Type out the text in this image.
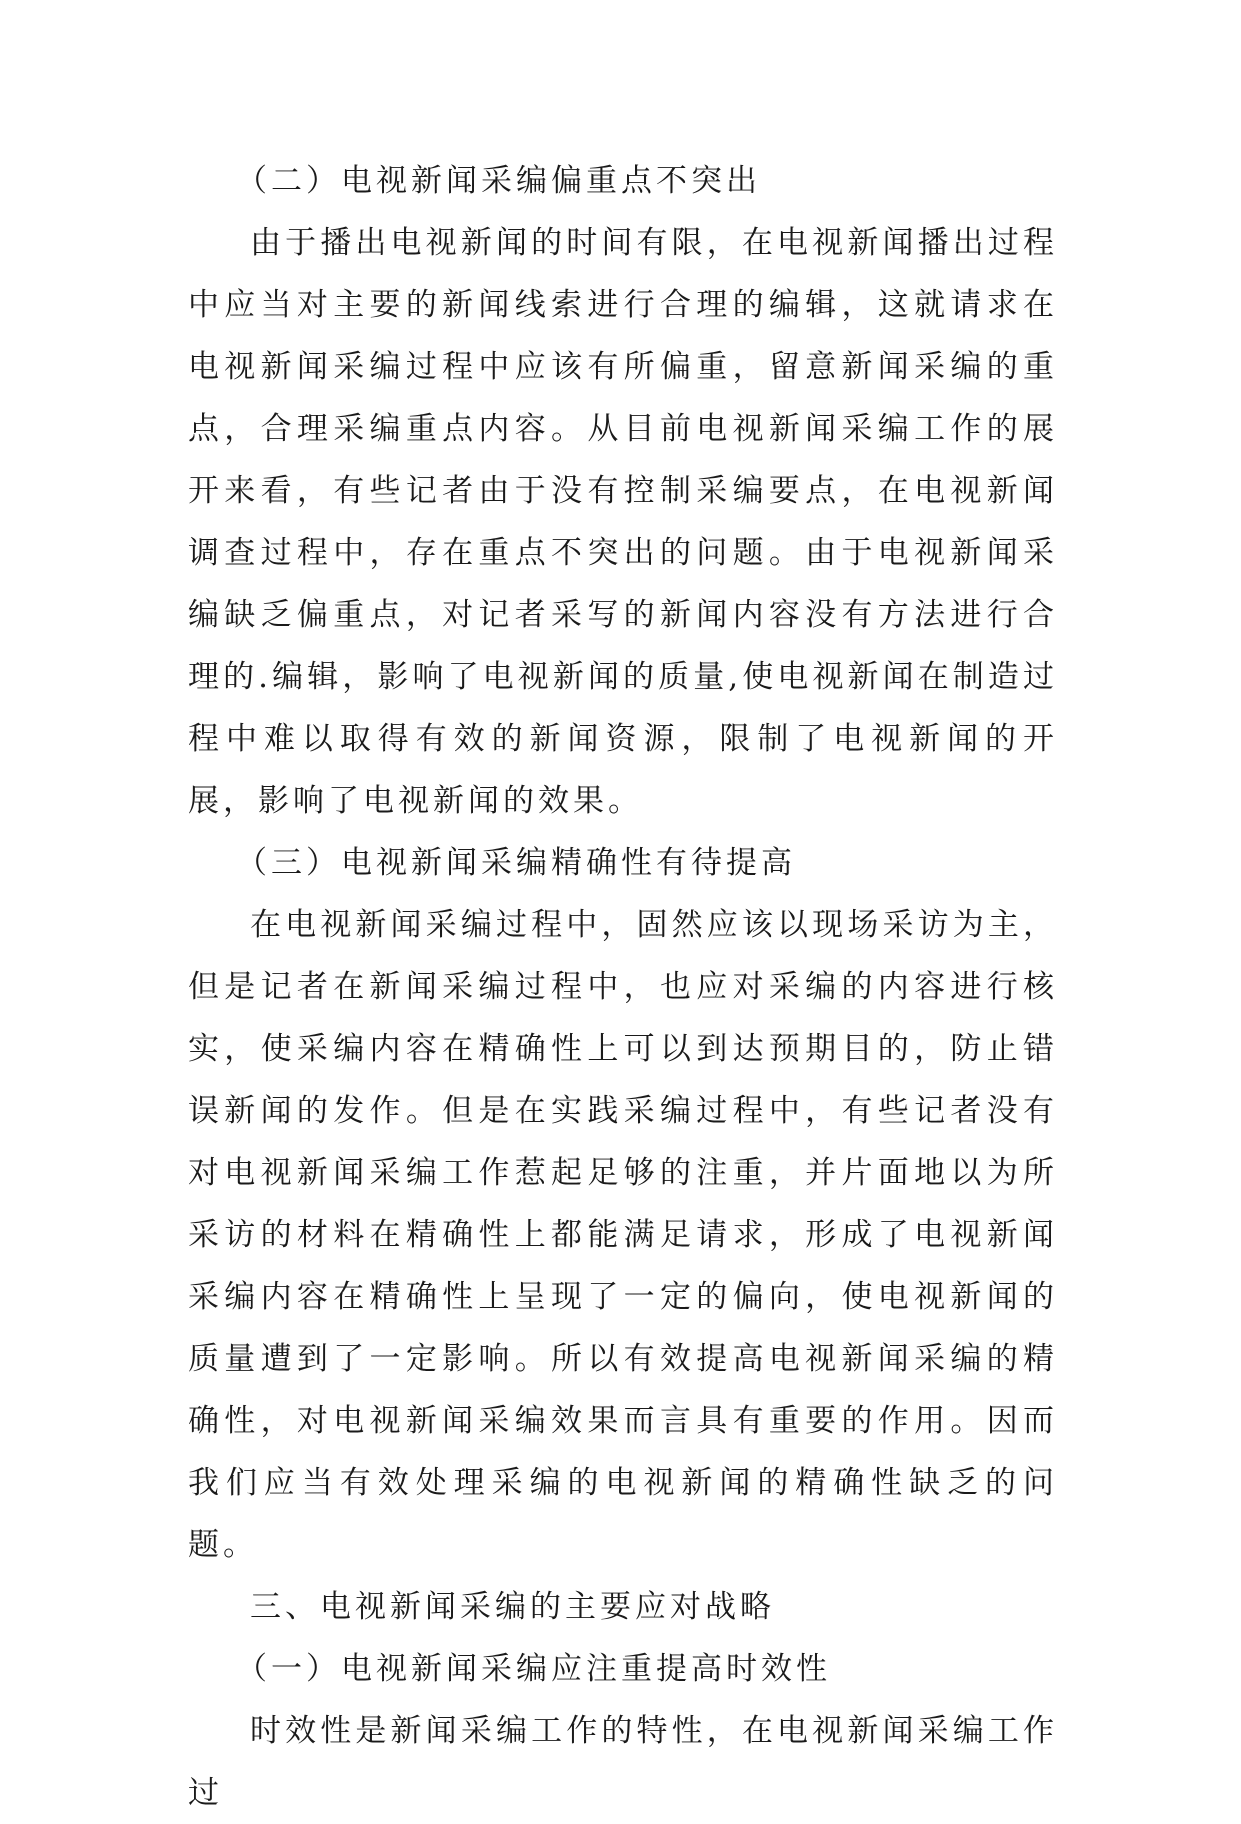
（二）电视新闻采编偏重点不突出

由于播出电视新闻的时间有限，在电视新闻播出过程中应当对主要的新闻线索进行合理的编辑，这就请求在电视新闻采编过程中应该有所偏重，留意新闻采编的重点，合理采编重点内容。从目前电视新闻采编工作的展开来看，有些记者由于没有控制采编要点，在电视新闻调查过程中，存在重点不突出的问题。由于电视新闻采编缺乏偏重点，对记者采写的新闻内容没有方法进行合理的.编辑，影响了电视新闻的质量,使电视新闻在制造过程中难以取得有效的新闻资源，限制了电视新闻的开展，影响了电视新闻的效果。

（三）电视新闻采编精确性有待提高

在电视新闻采编过程中，固然应该以现场采访为主，但是记者在新闻采编过程中，也应对采编的内容进行核实，使采编内容在精确性上可以到达预期目的，防止错误新闻的发作。但是在实践采编过程中，有些记者没有对电视新闻采编工作惹起足够的注重，并片面地以为所采访的材料在精确性上都能满足请求，形成了电视新闻采编内容在精确性上呈现了一定的偏向，使电视新闻的质量遭到了一定影响。所以有效提高电视新闻采编的精确性，对电视新闻采编效果而言具有重要的作用。因而我们应当有效处理采编的电视新闻的精确性缺乏的问题。

三、电视新闻采编的主要应对战略

（一）电视新闻采编应注重提高时效性

时效性是新闻采编工作的特性，在电视新闻采编工作过
